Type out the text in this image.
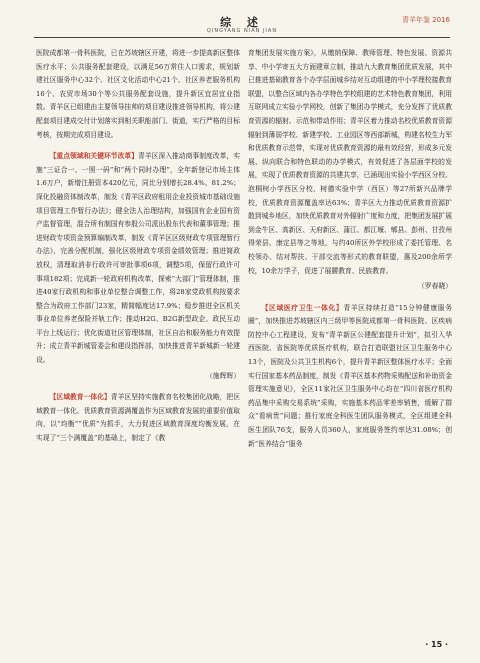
综 述
QINGYANG NIAN JIAN
青羊年鉴 2016

医院成都第一骨科医院，已在苏坡辖区开建，将进一步提高新区整体医疗水平；公共服务配套建设，以满足56万常住人口需求，规划新建社区服务中心32个、社区文化活动中心21个、社区养老服务机构16个、农贸市场30个等公共服务配套设施，提升新区宜居宜业指数。青羊区已组建由主要领导挂帅的项目建设推进领导机构，将公建配套项目建成交付计划落实到相关职能部门、街道，实行严格的目标考核，按期完成项目建设。

【重点领域和关键环节改革】青羊区深入推动商事制度改革，实施“三证合一、一照一码”和“两个同时办理”，全年新登记市场主体1.6万户，新增注册资本420亿元，同比分别增长28.4%、81.2%；深化投融资体制改革，制发《青羊区政府租用企业投资城市基础设施项目管理工作暂行办法》；健全法人治理结构，加强国有企业国有资产监督管理，混合所有制国有参股公司派出股东代表和董事管理；推进财政专项资金预算编制改革，制发《青羊区区级财政专项管理暂行办法》，完善分配机制，强化区级财政专项资金绩效管理；推进简政放权，清理取消非行政许可审批事项6项，调整5项，保留行政许可事项182项；完成新一轮政府机构改革，探索“大部门”管理体制，推进40家行政机构和事业单位整合调整工作，将28家党政机构按要求整合为政府工作部门23家，精简幅度达17.9%；稳步推进全区机关事业单位养老保险并轨工作；推动H2G、B2G新型政企、政民互动平台上线运行；优化街道社区管理体制，社区自治和服务能力有效提升；成立青羊新城管委会和建设指挥部，加快推进青羊新城新一轮建设。

（施辉辉）

【区域教育一体化】青羊区坚持实施教育名校集团化战略，把区域教育一体化、优质教育资源满覆盖作为区域教育发展的重要价值取向，以“均衡”“优质”为抓手，大力促进区域教育深度均衡发展，在实现了“三个满覆盖”的基础上，制定了《教

育集团发展实施方案》，从缴纳保障、教师管理、特色发展、资源共享、中小学寄五大方面建章立制，推动九大教育集团优质发展，其中已推进基础教育各个办学层面城乡结对互动组建的中小学理校接教育联盟，以整合区域内各办学特色学校组建的艺术特色教育集团，利用互联网成立实验小学网校，创新了集团办学模式，充分发挥了优质教育资源的辐射、示范和带动作用；青羊区着力推动名校优质教育资源辐射到薄弱学校、新建学校、工业园区等西部新城，构建名校生力军和优质教育示范带，实现对优质教育资源的最有效经营，形成多元发展、纵向联合和特色联动的办学模式，有效促进了各层面学校的发展，实现了优质教育资源的共建共享，已涌现出实验小学西区分校、泡桐树小学西区分校、树德实验中学（西区）等27所新兴品牌学校，优质教育资源覆盖率达63%；青羊区大力推动优质教育资源扩散到城乡地区，加快优质教育对外辐射广度和力度，把集团发展扩展到金牛区、高新区、天府新区、蒲江、都江堰、郫县、彭州、甘孜州得荣县、康定县等之等地，与约40所区外学校形成了委托管理、名校领办、结对帮扶、干部交流等形式的教育联盟，惠及200余所学校，10余万学子，促进了展腰教育、民族教育。

（罗春晓）

【区域医疗卫生一体化】青羊区持续打造“15分钟健康服务圈”，加快推进苏坡辖区内三级甲等医院成都第一骨科医院、区疾病防控中心工程建设，发布“青羊新区公建配套提升计划”，拟引入华西医院、省医院等优质医疗机构，联合打造联盟社区卫生服务中心13个，医院及公共卫生机构6个，提升青羊新区整体医疗水平；全面实行国家基本药品制度，制发《青羊区基本药物采购配送和补助资金管理实施意见》，全区11家社区卫生服务中心均在“四川省医疗机构药品集中采购交易系统”采购，实施基本药品零差率销售，缓解了群众“看病贵”问题；推行家庭全科医生团队服务模式，全区组建全科医生团队76支，服务人员360人，家庭服务签约率达31.08%；创新“医养结合”服务

· 15 ·
